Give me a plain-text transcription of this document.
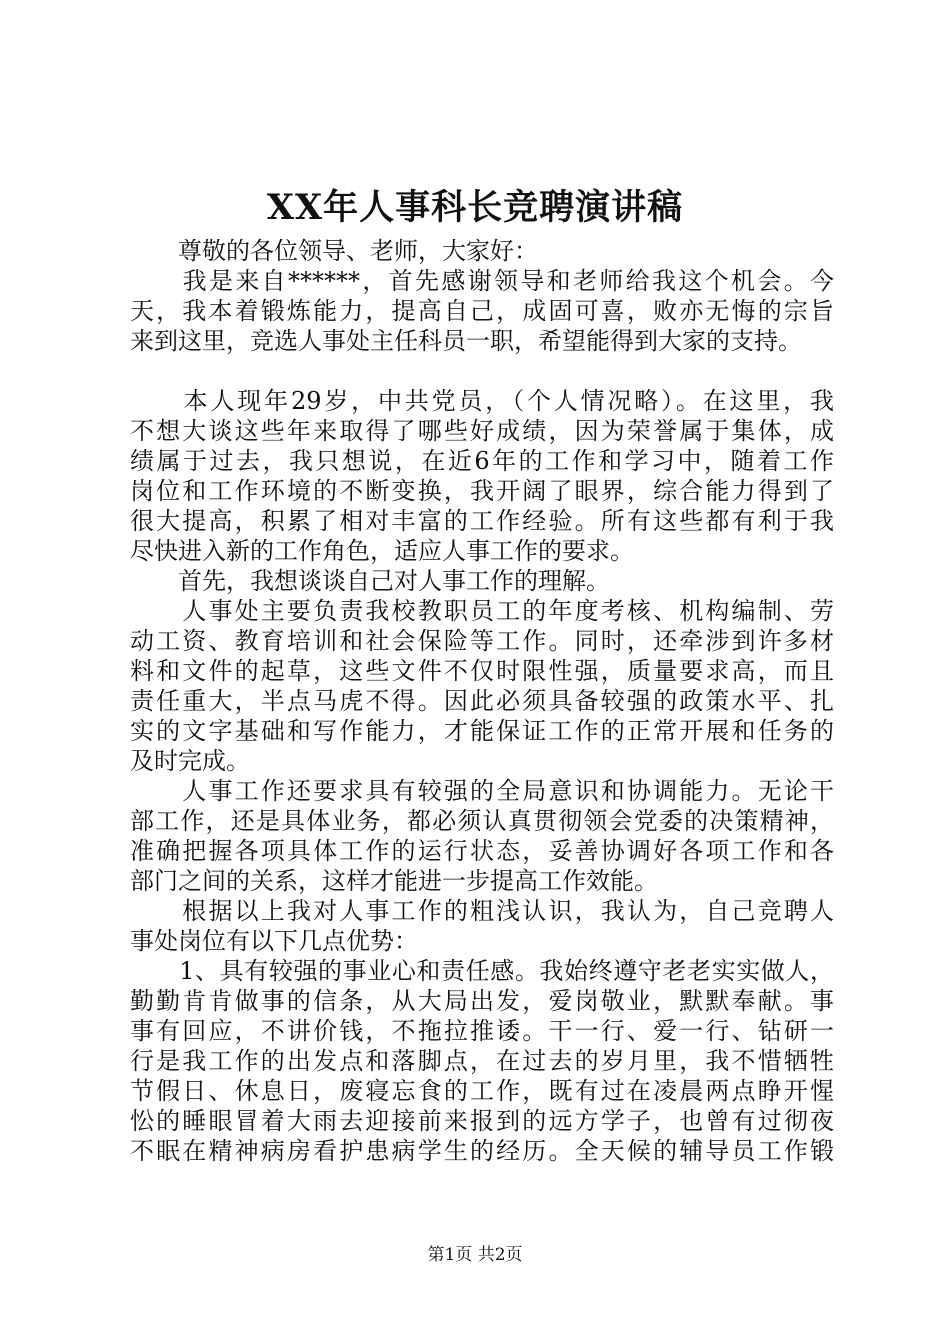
XX年人事科长竞聘演讲稿
　　尊敬的各位领导、老师，大家好：
　　我是来自******，首先感谢领导和老师给我这个机会。今
天，我本着锻炼能力，提高自己，成固可喜，败亦无悔的宗旨
来到这里，竞选人事处主任科员一职，希望能得到大家的支持。
　　本人现年29岁，中共党员，（个人情况略）。在这里，我
不想大谈这些年来取得了哪些好成绩，因为荣誉属于集体，成
绩属于过去，我只想说，在近6年的工作和学习中，随着工作
岗位和工作环境的不断变换，我开阔了眼界，综合能力得到了
很大提高，积累了相对丰富的工作经验。所有这些都有利于我
尽快进入新的工作角色，适应人事工作的要求。
　　首先，我想谈谈自己对人事工作的理解。
　　人事处主要负责我校教职员工的年度考核、机构编制、劳
动工资、教育培训和社会保险等工作。同时，还牵涉到许多材
料和文件的起草，这些文件不仅时限性强，质量要求高，而且
责任重大，半点马虎不得。因此必须具备较强的政策水平、扎
实的文字基础和写作能力，才能保证工作的正常开展和任务的
及时完成。
　　人事工作还要求具有较强的全局意识和协调能力。无论干
部工作，还是具体业务，都必须认真贯彻领会党委的决策精神，
准确把握各项具体工作的运行状态，妥善协调好各项工作和各
部门之间的关系，这样才能进一步提高工作效能。
　　根据以上我对人事工作的粗浅认识，我认为，自己竞聘人
事处岗位有以下几点优势：
　　1、具有较强的事业心和责任感。我始终遵守老老实实做人，
勤勤肯肯做事的信条，从大局出发，爱岗敬业，默默奉献。事
事有回应，不讲价钱，不拖拉推诿。干一行、爱一行、钻研一
行是我工作的出发点和落脚点，在过去的岁月里，我不惜牺牲
节假日、休息日，废寝忘食的工作，既有过在凌晨两点睁开惺
忪的睡眼冒着大雨去迎接前来报到的远方学子，也曾有过彻夜
不眠在精神病房看护患病学生的经历。全天候的辅导员工作锻
第1页 共2页
